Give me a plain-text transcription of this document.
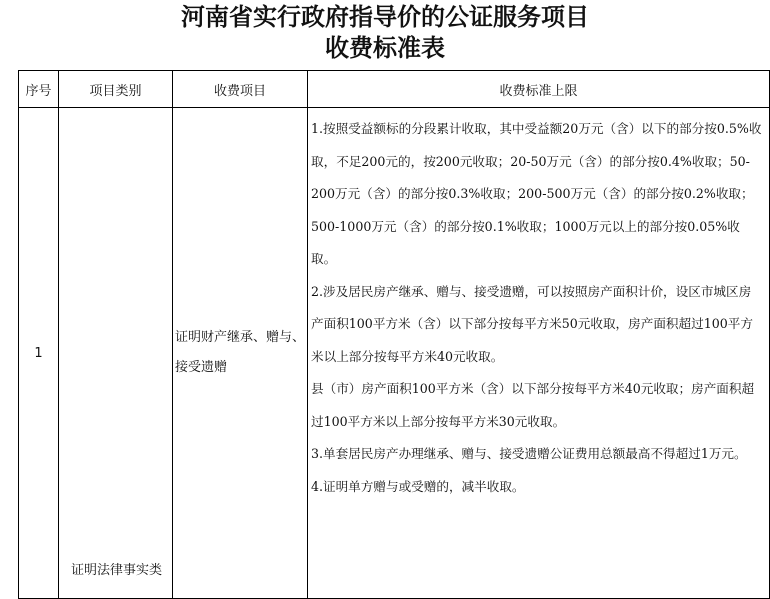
河南省实行政府指导价的公证服务项目
收费标准表
序号	项目类别	收费项目	收费标准上限
1	证明法律事实类	证明财产继承、赠与、接受遗赠	1.按照受益额标的分段累计收取，其中受益额20万元（含）以下的部分按0.5%收取，不足200元的，按200元收取；20-50万元（含）的部分按0.4%收取；50-200万元（含）的部分按0.3%收取；200-500万元（含）的部分按0.2%收取；500-1000万元（含）的部分按0.1%收取；1000万元以上的部分按0.05%收取。

2.涉及居民房产继承、赠与、接受遗赠，可以按照房产面积计价，设区市城区房产面积100平方米（含）以下部分按每平方米50元收取，房产面积超过100平方米以上部分按每平方米40元收取。

县（市）房产面积100平方米（含）以下部分按每平方米40元收取；房产面积超过100平方米以上部分按每平方米30元收取。

3.单套居民房产办理继承、赠与、接受遗赠公证费用总额最高不得超过1万元。

4.证明单方赠与或受赠的，减半收取。
